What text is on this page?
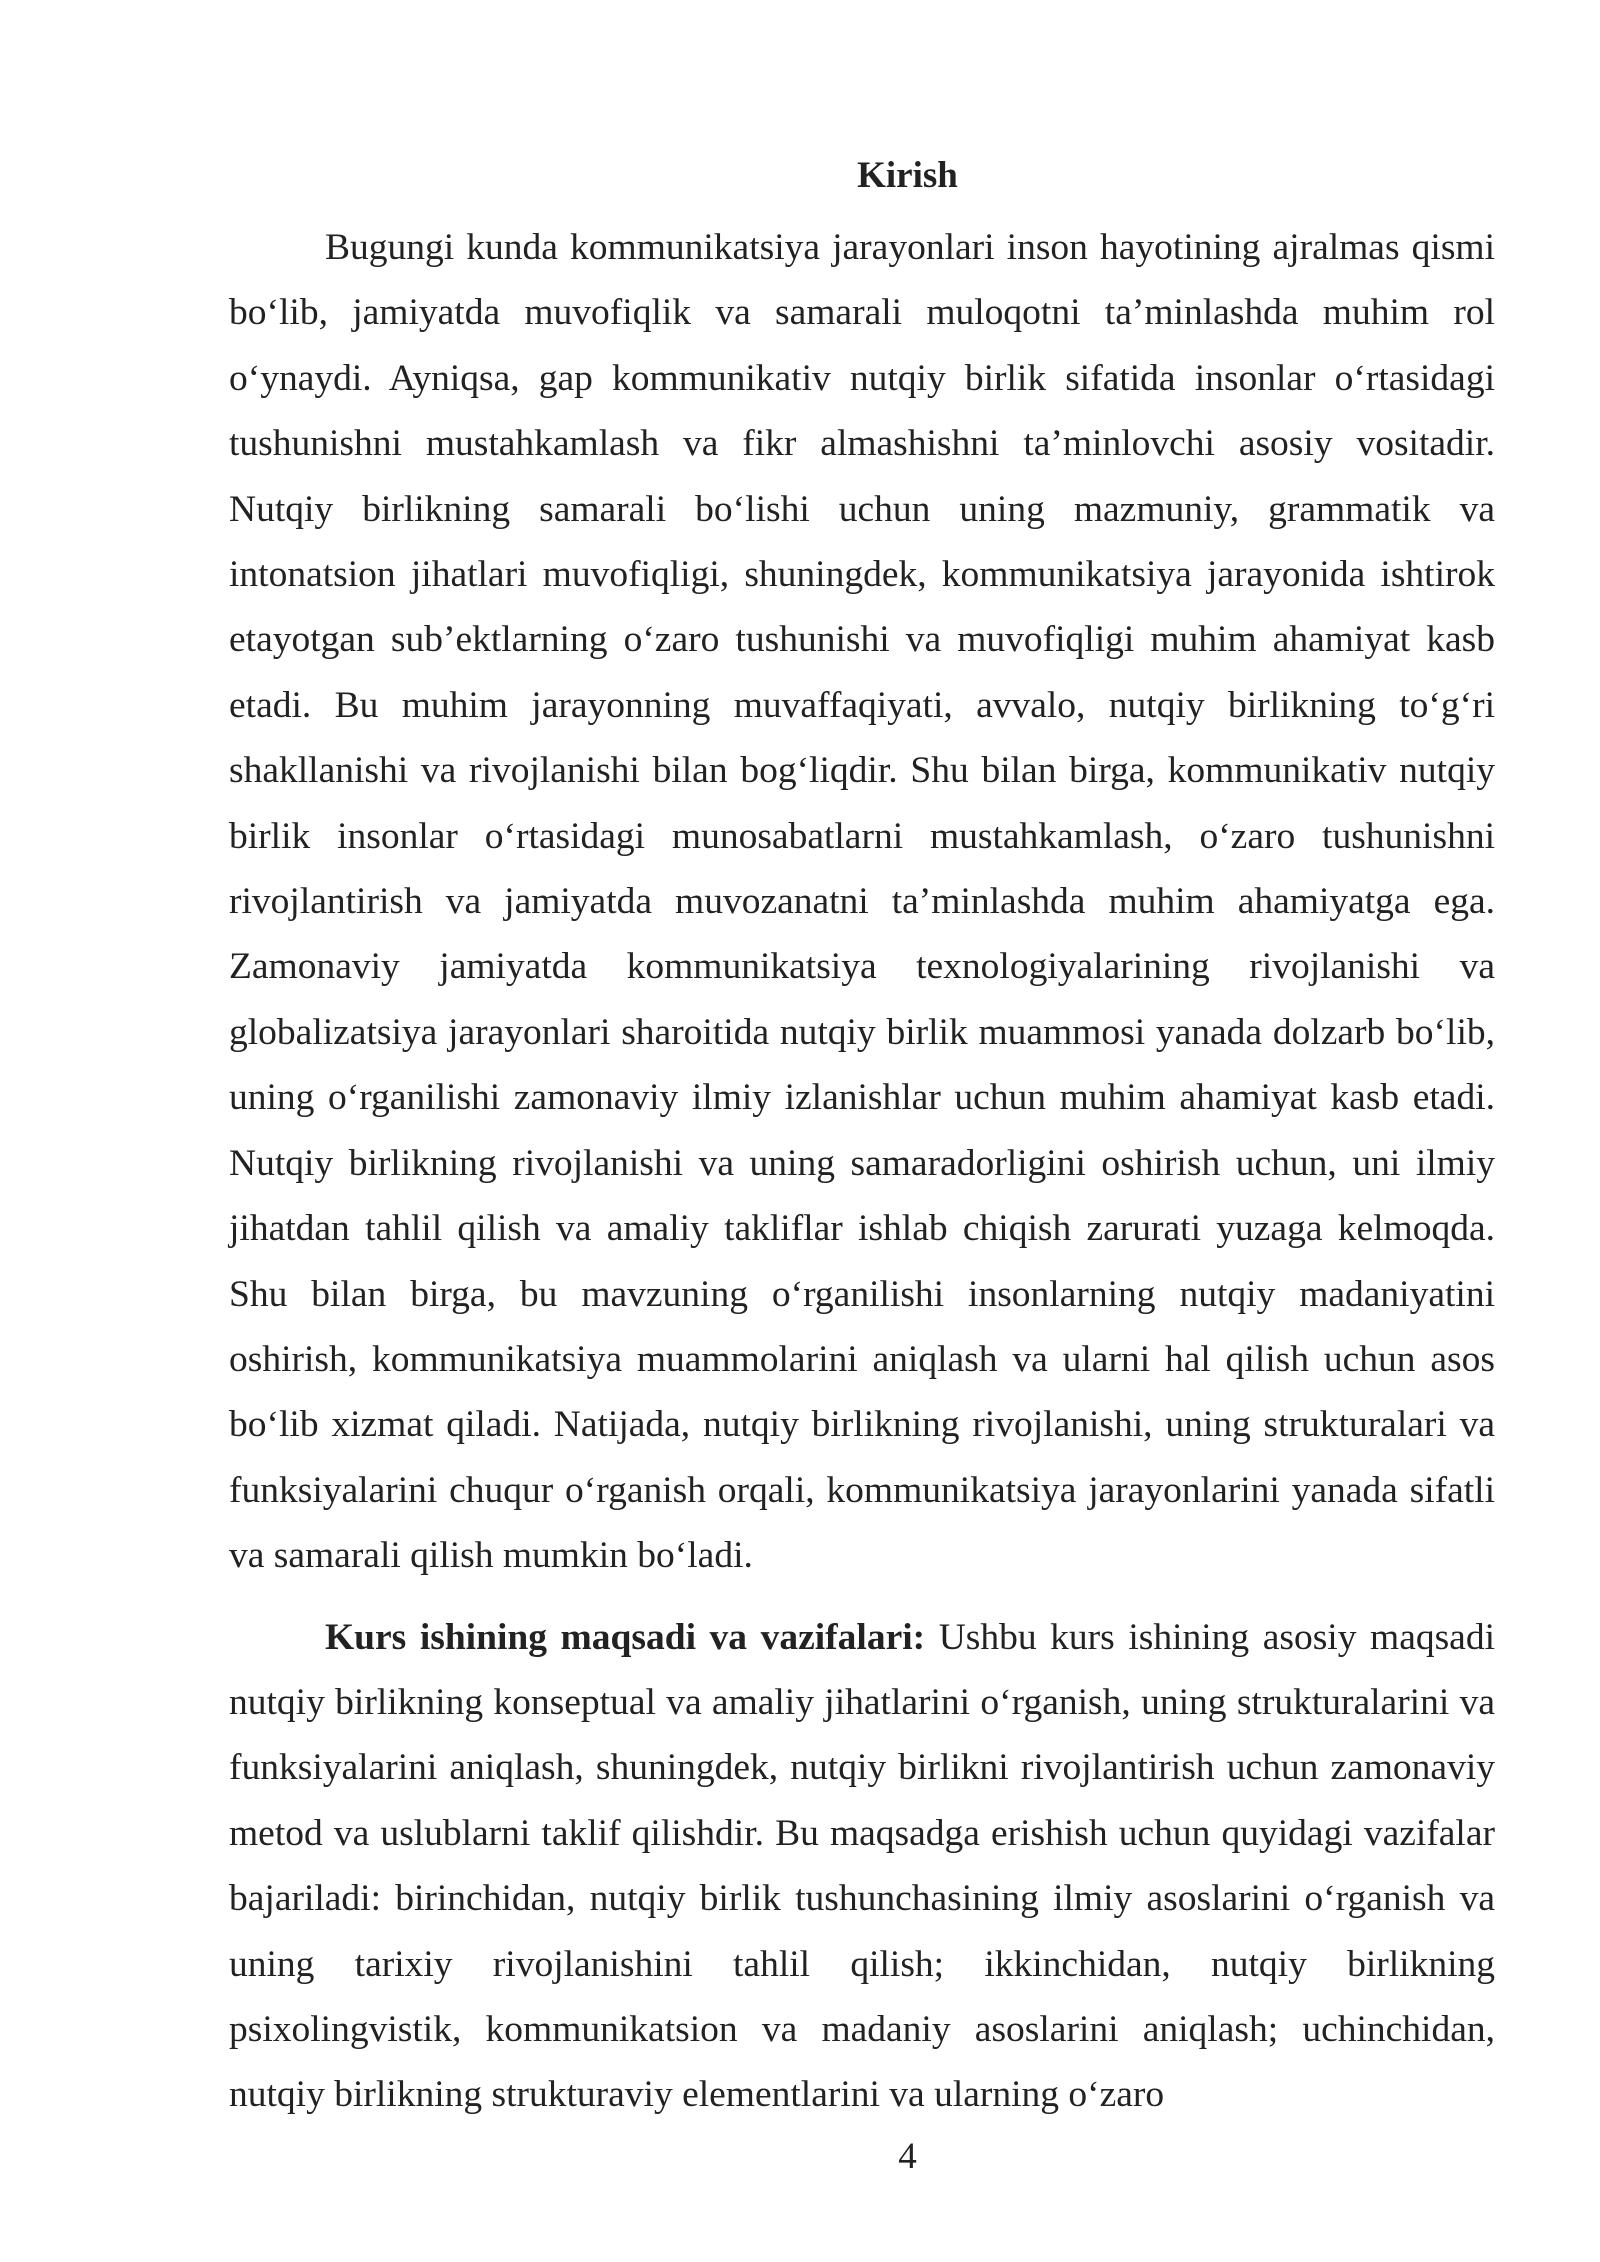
Kirish

Bugungi kunda kommunikatsiya jarayonlari inson hayotining ajralmas qismi bo‘lib, jamiyatda muvofiqlik va samarali muloqotni ta’minlashda muhim rol o‘ynaydi. Ayniqsa, gap kommunikativ nutqiy birlik sifatida insonlar o‘rtasidagi tushunishni mustahkamlash va fikr almashishni ta’minlovchi asosiy vositadir. Nutqiy birlikning samarali bo‘lishi uchun uning mazmuniy, grammatik va intonatsion jihatlari muvofiqligi, shuningdek, kommunikatsiya jarayonida ishtirok etayotgan sub’ektlarning o‘zaro tushunishi va muvofiqligi muhim ahamiyat kasb etadi. Bu muhim jarayonning muvaffaqiyati, avvalo, nutqiy birlikning to‘g‘ri shakllanishi va rivojlanishi bilan bog‘liqdir. Shu bilan birga, kommunikativ nutqiy birlik insonlar o‘rtasidagi munosabatlarni mustahkamlash, o‘zaro tushunishni rivojlantirish va jamiyatda muvozanatni ta’minlashda muhim ahamiyatga ega. Zamonaviy jamiyatda kommunikatsiya texnologiyalarining rivojlanishi va globalizatsiya jarayonlari sharoitida nutqiy birlik muammosi yanada dolzarb bo‘lib, uning o‘rganilishi zamonaviy ilmiy izlanishlar uchun muhim ahamiyat kasb etadi. Nutqiy birlikning rivojlanishi va uning samaradorligini oshirish uchun, uni ilmiy jihatdan tahlil qilish va amaliy takliflar ishlab chiqish zarurati yuzaga kelmoqda. Shu bilan birga, bu mavzuning o‘rganilishi insonlarning nutqiy madaniyatini oshirish, kommunikatsiya muammolarini aniqlash va ularni hal qilish uchun asos bo‘lib xizmat qiladi. Natijada, nutqiy birlikning rivojlanishi, uning strukturalari va funksiyalarini chuqur o‘rganish orqali, kommunikatsiya jarayonlarini yanada sifatli va samarali qilish mumkin bo‘ladi.

Kurs ishining maqsadi va vazifalari: Ushbu kurs ishining asosiy maqsadi nutqiy birlikning konseptual va amaliy jihatlarini o‘rganish, uning strukturalarini va funksiyalarini aniqlash, shuningdek, nutqiy birlikni rivojlantirish uchun zamonaviy metod va uslublarni taklif qilishdir. Bu maqsadga erishish uchun quyidagi vazifalar bajariladi: birinchidan, nutqiy birlik tushunchasining ilmiy asoslarini o‘rganish va uning tarixiy rivojlanishini tahlil qilish; ikkinchidan, nutqiy birlikning psixolingvistik, kommunikatsion va madaniy asoslarini aniqlash; uchinchidan, nutqiy birlikning strukturaviy elementlarini va ularning o‘zaro

4
